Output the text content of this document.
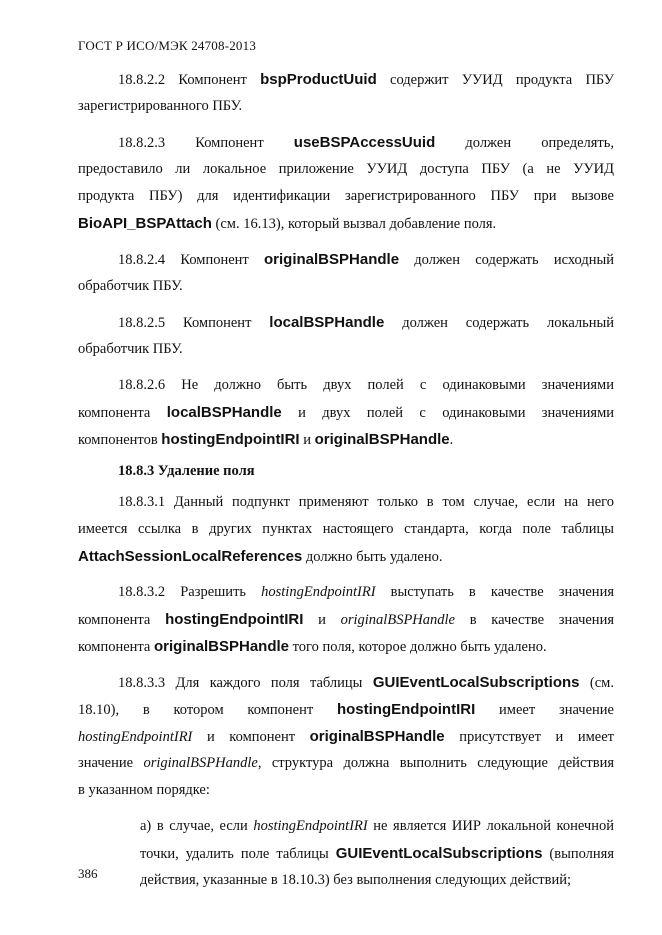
ГОСТ Р ИСО/МЭК 24708-2013
18.8.2.2 Компонент bspProductUuid содержит УУИД продукта ПБУ
зарегистрированного ПБУ.
18.8.2.3 Компонент useBSPAccessUuid должен определять,
предоставило ли локальное приложение УУИД доступа ПБУ (а не УУИД
продукта ПБУ) для идентификации зарегистрированного ПБУ при вызове
BioAPI_BSPAttach (см. 16.13), который вызвал добавление поля.
18.8.2.4 Компонент originalBSPHandle должен содержать исходный
обработчик ПБУ.
18.8.2.5 Компонент localBSPHandle должен содержать локальный
обработчик ПБУ.
18.8.2.6 Не должно быть двух полей с одинаковыми значениями
компонента localBSPHandle и двух полей с одинаковыми значениями
компонентов hostingEndpointIRI и originalBSPHandle.
18.8.3 Удаление поля
18.8.3.1 Данный подпункт применяют только в том случае, если на него
имеется ссылка в других пунктах настоящего стандарта, когда поле таблицы
AttachSessionLocalReferences должно быть удалено.
18.8.3.2 Разрешить hostingEndpointIRI выступать в качестве значения
компонента hostingEndpointIRI и originalBSPHandle в качестве значения
компонента originalBSPHandle того поля, которое должно быть удалено.
18.8.3.3 Для каждого поля таблицы GUIEventLocalSubscriptions (см.
18.10), в котором компонент hostingEndpointIRI имеет значение
hostingEndpointIRI и компонент originalBSPHandle присутствует и имеет
значение originalBSPHandle, структура должна выполнить следующие действия
в указанном порядке:
а) в случае, если hostingEndpointIRI не является ИИР локальной конечной
точки, удалить поле таблицы GUIEventLocalSubscriptions (выполняя
действия, указанные в 18.10.3) без выполнения следующих действий;
386
